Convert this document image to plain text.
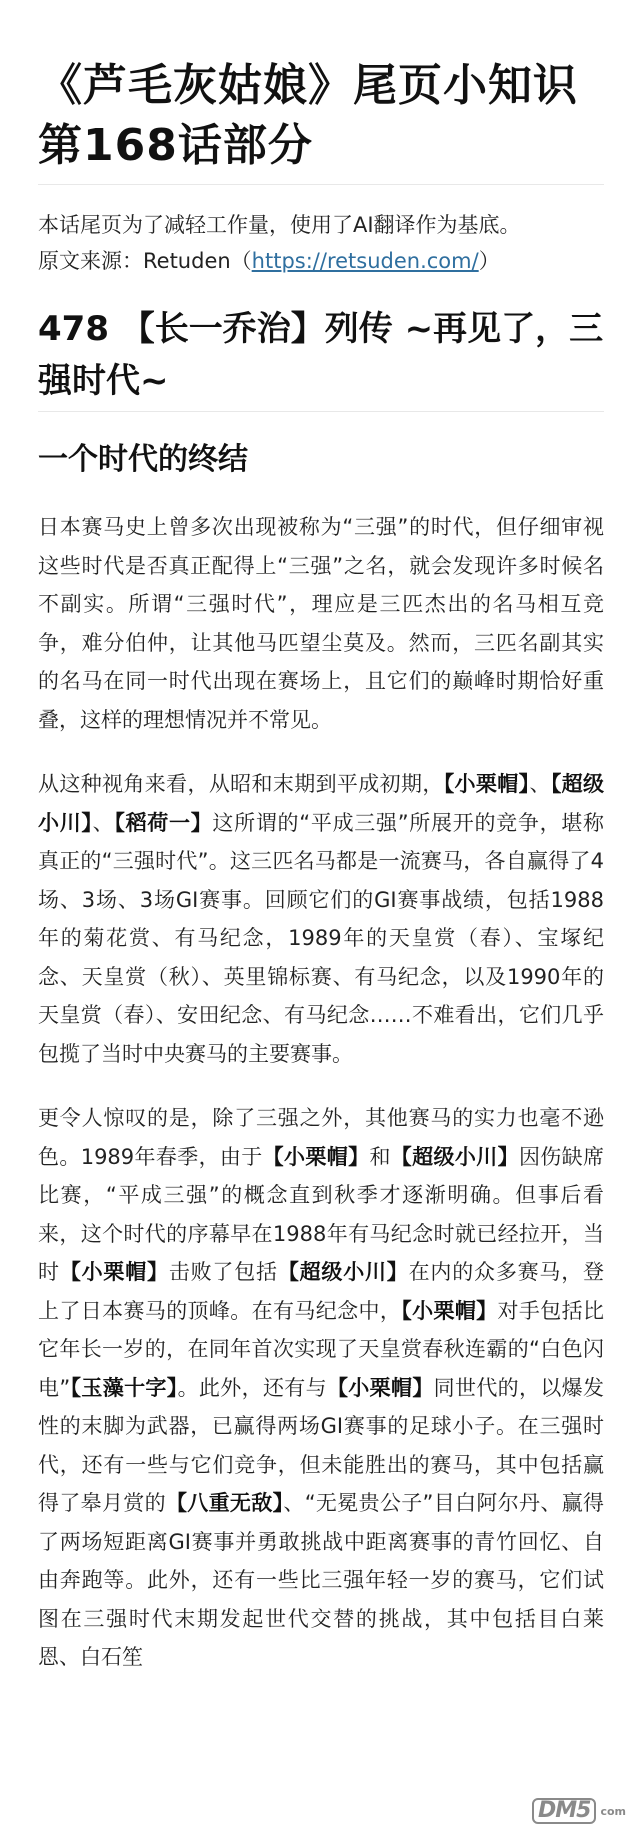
《芦毛灰姑娘》尾页小知识 第168话部分
本话尾页为了减轻工作量，使用了AI翻译作为基底。
原文来源：Retuden（https://retsuden.com/）
478 【长一乔治】列传 ~再见了，三强时代~
一个时代的终结
日本赛马史上曾多次出现被称为“三强”的时代，但仔细审视这些时代是否真正配得上“三强”之名，就会发现许多时候名不副实。所谓“三强时代”，理应是三匹杰出的名马相互竞争，难分伯仲，让其他马匹望尘莫及。然而，三匹名副其实的名马在同一时代出现在赛场上，且它们的巅峰时期恰好重叠，这样的理想情况并不常见。
从这种视角来看，从昭和末期到平成初期，【小栗帽】、【超级小川】、【稻荷一】这所谓的“平成三强”所展开的竞争，堪称真正的“三强时代”。这三匹名马都是一流赛马，各自赢得了4场、3场、3场GI赛事。回顾它们的GI赛事战绩，包括1988年的菊花赏、有马纪念，1989年的天皇赏（春）、宝塚纪念、天皇赏（秋）、英里锦标赛、有马纪念，以及1990年的天皇赏（春）、安田纪念、有马纪念……不难看出，它们几乎包揽了当时中央赛马的主要赛事。
更令人惊叹的是，除了三强之外，其他赛马的实力也毫不逊色。1989年春季，由于【小栗帽】和【超级小川】因伤缺席比赛，“平成三强”的概念直到秋季才逐渐明确。但事后看来，这个时代的序幕早在1988年有马纪念时就已经拉开，当时【小栗帽】击败了包括【超级小川】在内的众多赛马，登上了日本赛马的顶峰。在有马纪念中，【小栗帽】对手包括比它年长一岁的，在同年首次实现了天皇赏春秋连霸的“白色闪电”【玉藻十字】。此外，还有与【小栗帽】同世代的，以爆发性的末脚为武器，已赢得两场GI赛事的足球小子。在三强时代，还有一些与它们竞争，但未能胜出的赛马，其中包括赢得了皋月赏的【八重无敌】、“无冕贵公子”目白阿尔丹、赢得了两场短距离GI赛事并勇敢挑战中距离赛事的青竹回忆、自由奔跑等。此外，还有一些比三强年轻一岁的赛马，它们试图在三强时代末期发起世代交替的挑战，其中包括目白莱恩、白石笙
DM5 com
